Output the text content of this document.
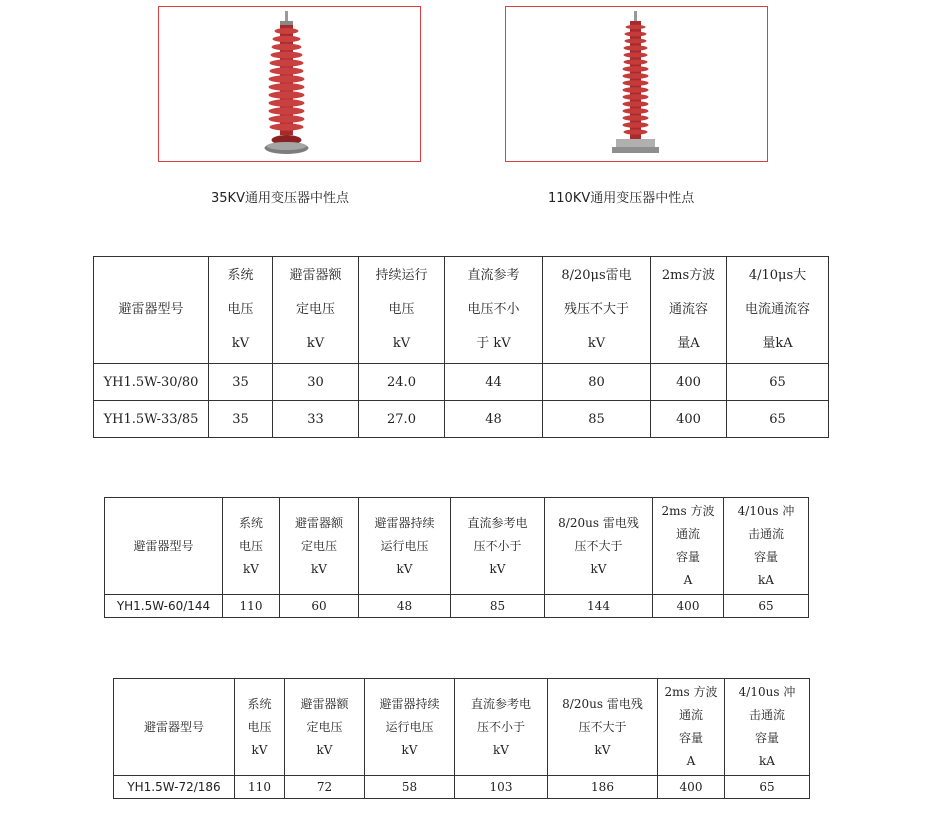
35KV通用变压器中性点	110KV通用变压器中性点
避雷器型号	系统
电压
kV	避雷器额
定电压
kV	持续运行
电压
kV	直流参考
电压不小
于 kV	8/20μs雷电
残压不大于
kV	2ms方波
通流容
量A	4/10μs大
电流通流容
量kA

YH1.5W-30/80	35	30	24.0	44	80	400	65
YH1.5W-33/85	35	33	27.0	48	85	400	65
避雷器型号	系统
电压
kV	避雷器额
定电压
kV	避雷器持续
运行电压
kV	直流参考电
压不小于
kV	8/20us 雷电残
压不大于
kV	2ms 方波
通流
容量
A	4/10us 冲
击通流
容量
kA

YH1.5W-60/144	110	60	48	85	144	400	65
避雷器型号	系统
电压
kV	避雷器额
定电压
kV	避雷器持续
运行电压
kV	直流参考电
压不小于
kV	8/20us 雷电残
压不大于
kV	2ms 方波
通流
容量
A	4/10us 冲
击通流
容量
kA

YH1.5W-72/186	110	72	58	103	186	400	65
